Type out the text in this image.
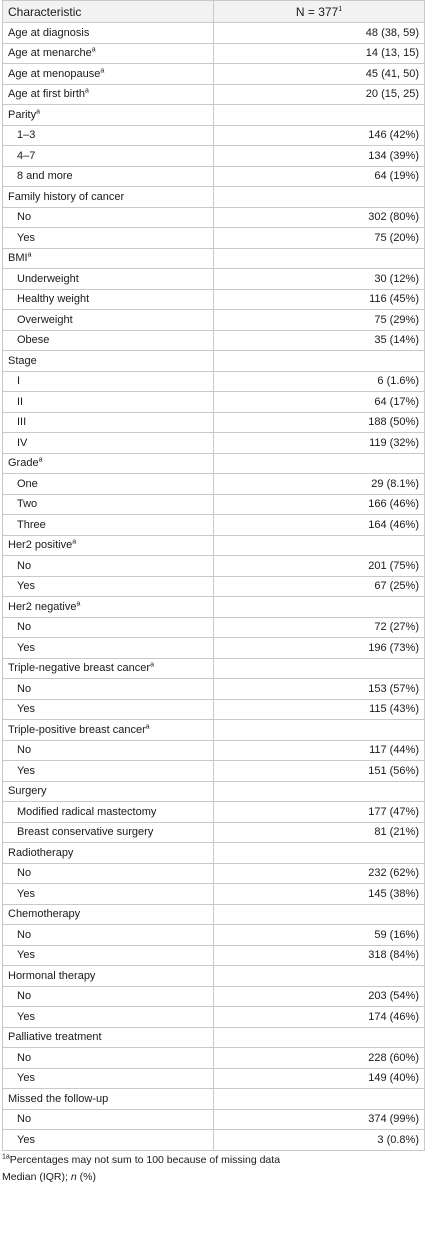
Characteristic	$N = 377^1$
Age at diagnosis	48 (38, 59)
Age at menarche$^a$	14 (13, 15)
Age at menopause$^a$	45 (41, 50)
Age at first birth$^a$	20 (15, 25)
Parity$^a$	
1–3	146 (42%)
4–7	134 (39%)
8 and more	64 (19%)
Family history of cancer	
No	302 (80%)
Yes	75 (20%)
BMI$^a$	
Underweight	30 (12%)
Healthy weight	116 (45%)
Overweight	75 (29%)
Obese	35 (14%)
Stage	
I	6 (1.6%)
II	64 (17%)
III	188 (50%)
IV	119 (32%)
Grade$^a$	
One	29 (8.1%)
Two	166 (46%)
Three	164 (46%)
Her2 positive$^a$	
No	201 (75%)
Yes	67 (25%)
Her2 negative$^a$	
No	72 (27%)
Yes	196 (73%)
Triple-negative breast cancer$^a$	
No	153 (57%)
Yes	115 (43%)
Triple-positive breast cancer$^a$	
No	117 (44%)
Yes	151 (56%)
Surgery	
Modified radical mastectomy	177 (47%)
Breast conservative surgery	81 (21%)
Radiotherapy	
No	232 (62%)
Yes	145 (38%)
Chemotherapy	
No	59 (16%)
Yes	318 (84%)
Hormonal therapy	
No	203 (54%)
Yes	174 (46%)
Palliative treatment	
No	228 (60%)
Yes	149 (40%)
Missed the follow-up	
No	374 (99%)
Yes	3 (0.8%)
$^{1a}$Percentages may not sum to 100 because of missing data
Median (IQR); n (%)
